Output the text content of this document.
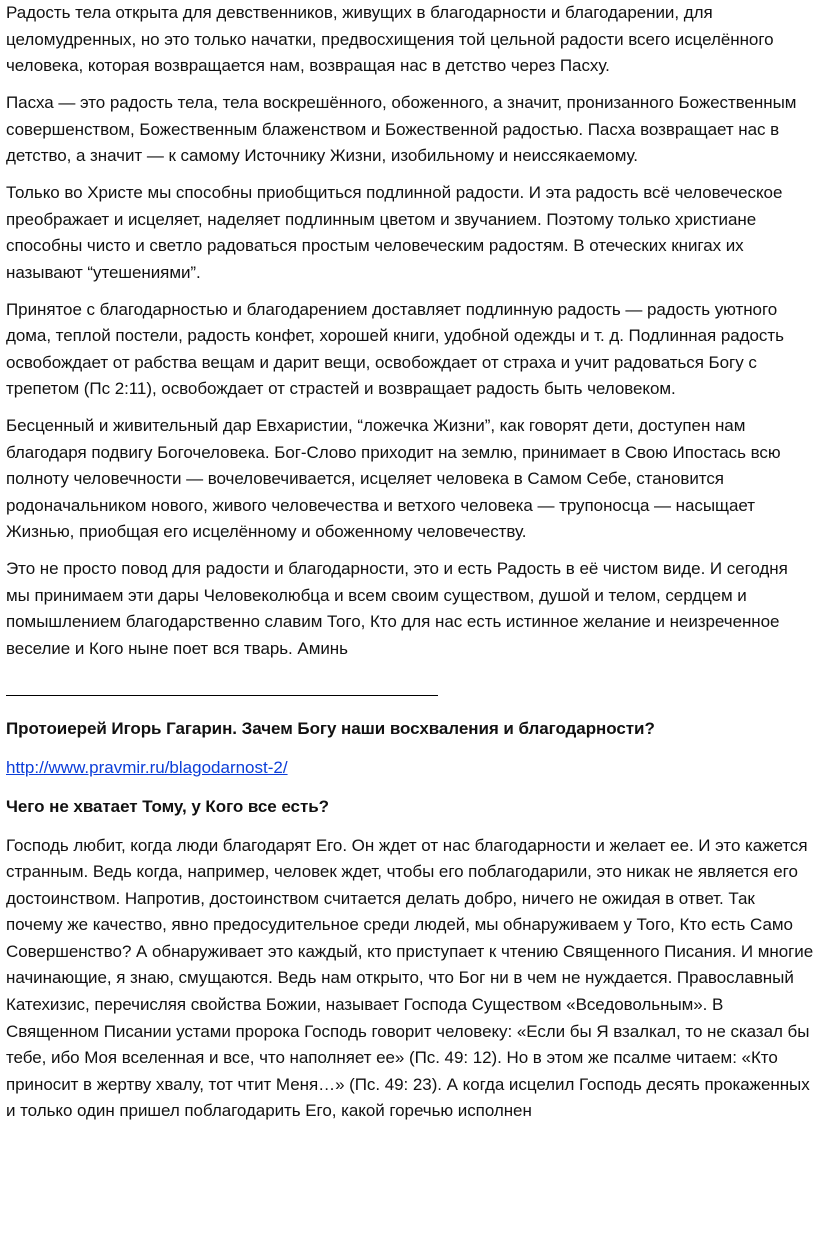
Радость тела открыта для девственников, живущих в благодарности и благодарении, для целомудренных, но это только начатки, предвосхищения той цельной радости всего исцелённого человека, которая возвращается нам, возвращая нас в детство через Пасху.

Пасха — это радость тела, тела воскрешённого, обоженного, а значит, пронизанного Божественным совершенством, Божественным блаженством и Божественной радостью. Пасха возвращает нас в детство, а значит — к самому Источнику Жизни, изобильному и неиссякаемому.

Только во Христе мы способны приобщиться подлинной радости. И эта радость всё человеческое преображает и исцеляет, наделяет подлинным цветом и звучанием. Поэтому только христиане способны чисто и светло радоваться простым человеческим радостям. В отеческих книгах их называют “утешениями”.

Принятое с благодарностью и благодарением доставляет подлинную радость — радость уютного дома, теплой постели, радость конфет, хорошей книги, удобной одежды и т. д. Подлинная радость освобождает от рабства вещам и дарит вещи, освобождает от страха и учит радоваться Богу с трепетом (Пс 2:11), освобождает от страстей и возвращает радость быть человеком.

Бесценный и живительный дар Евхаристии, “ложечка Жизни”, как говорят дети, доступен нам благодаря подвигу Богочеловека. Бог-Слово приходит на землю, принимает в Свою Ипостась всю полноту человечности — вочеловечивается, исцеляет человека в Самом Себе, становится родоначальником нового, живого человечества и ветхого человека — трупоносца — насыщает Жизнью, приобщая его исцелённому и обоженному человечеству.

Это не просто повод для радости и благодарности, это и есть Радость в её чистом виде. И сегодня мы принимаем эти дары Человеколюбца и всем своим существом, душой и телом, сердцем и помышлением благодарственно славим Того, Кто для нас есть истинное желание и неизреченное веселие и Кого ныне поет вся тварь. Аминь

Протоиерей Игорь Гагарин. Зачем Богу наши восхваления и благодарности?

http://www.pravmir.ru/blagodarnost-2/

Чего не хватает Тому, у Кого все есть?

Господь любит, когда люди благодарят Его. Он ждет от нас благодарности и желает ее. И это кажется странным. Ведь когда, например, человек ждет, чтобы его поблагодарили, это никак не является его достоинством. Напротив, достоинством считается делать добро, ничего не ожидая в ответ. Так почему же качество, явно предосудительное среди людей, мы обнаруживаем у Того, Кто есть Само Совершенство? А обнаруживает это каждый, кто приступает к чтению Священного Писания. И многие начинающие, я знаю, смущаются. Ведь нам открыто, что Бог ни в чем не нуждается. Православный Катехизис, перечисляя свойства Божии, называет Господа Существом «Вседовольным». В Священном Писании устами пророка Господь говорит человеку: «Если бы Я взалкал, то не сказал бы тебе, ибо Моя вселенная и все, что наполняет ее» (Пс. 49: 12). Но в этом же псалме читаем: «Кто приносит в жертву хвалу, тот чтит Меня…» (Пс. 49: 23). А когда исцелил Господь десять прокаженных и только один пришел поблагодарить Его, какой горечью исполнен
